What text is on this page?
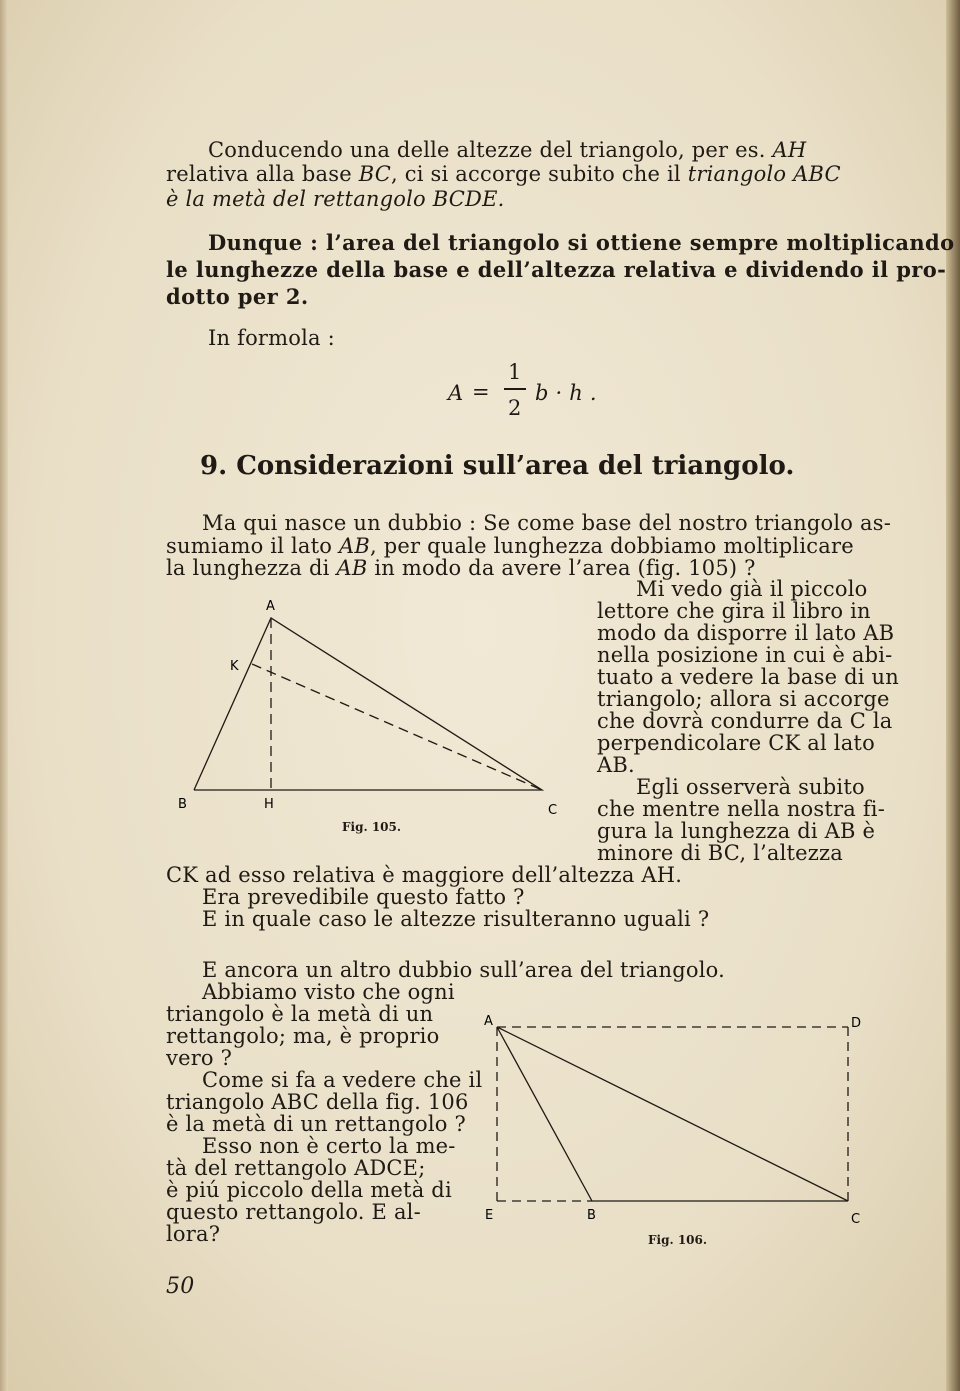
Conducendo una delle altezze del triangolo, per es. AH
relativa alla base BC, ci si accorge subito che il triangolo ABC
è la metà del rettangolo BCDE.
Dunque : l’area del triangolo si ottiene sempre moltiplicando
le lunghezze della base e dell’altezza relativa e dividendo il pro-
dotto per 2.
In formola :
A =
1
2
b · h .
9. Considerazioni sull’area del triangolo.
Ma qui nasce un dubbio : Se come base del nostro triangolo as-
sumiamo il lato AB, per quale lunghezza dobbiamo moltiplicare
la lunghezza di AB in modo da avere l’area (fig. 105) ?
Mi vedo già il piccolo
lettore che gira il libro in
modo da disporre il lato AB
nella posizione in cui è abi-
tuato a vedere la base di un
triangolo; allora si accorge
che dovrà condurre da C la
perpendicolare CK al lato
AB.
Egli osserverà subito
che mentre nella nostra fi-
gura la lunghezza di AB è
minore di BC, l’altezza
A
K
B	H	C
Fig. 105.
CK ad esso relativa è maggiore dell’altezza AH.
Era prevedibile questo fatto ?
E in quale caso le altezze risulteranno uguali ?
E ancora un altro dubbio sull’area del triangolo.
Abbiamo visto che ogni
triangolo è la metà di un
rettangolo; ma, è proprio
vero ?
Come si fa a vedere che il
triangolo ABC della fig. 106
è la metà di un rettangolo ?
Esso non è certo la me-
tà del rettangolo ADCE;
è piú piccolo della metà di
questo rettangolo. E al-
lora?
A	D
E	B	C
Fig. 106.
50
